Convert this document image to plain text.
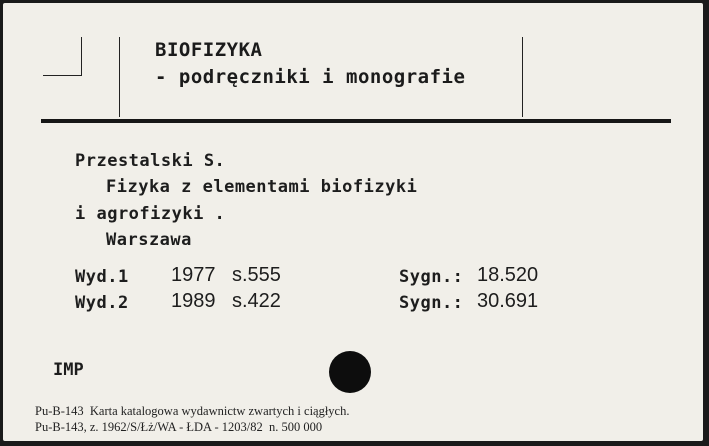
BIOFIZYKA
- podręczniki i monografie
Przestalski S.
Fizyka z elementami biofizyki
i agrofizyki .
Warszawa
Wyd.1 1977 s.555	Sygn.: 18.520
Wyd.2 1989 s.422	Sygn.: 30.691
IMP
Pu-B-143  Karta katalogowa wydawnictw zwartych i ciągłych.
Pu-B-143, z. 1962/S/Łż/WA - ŁDA - 1203/82  n. 500 000
